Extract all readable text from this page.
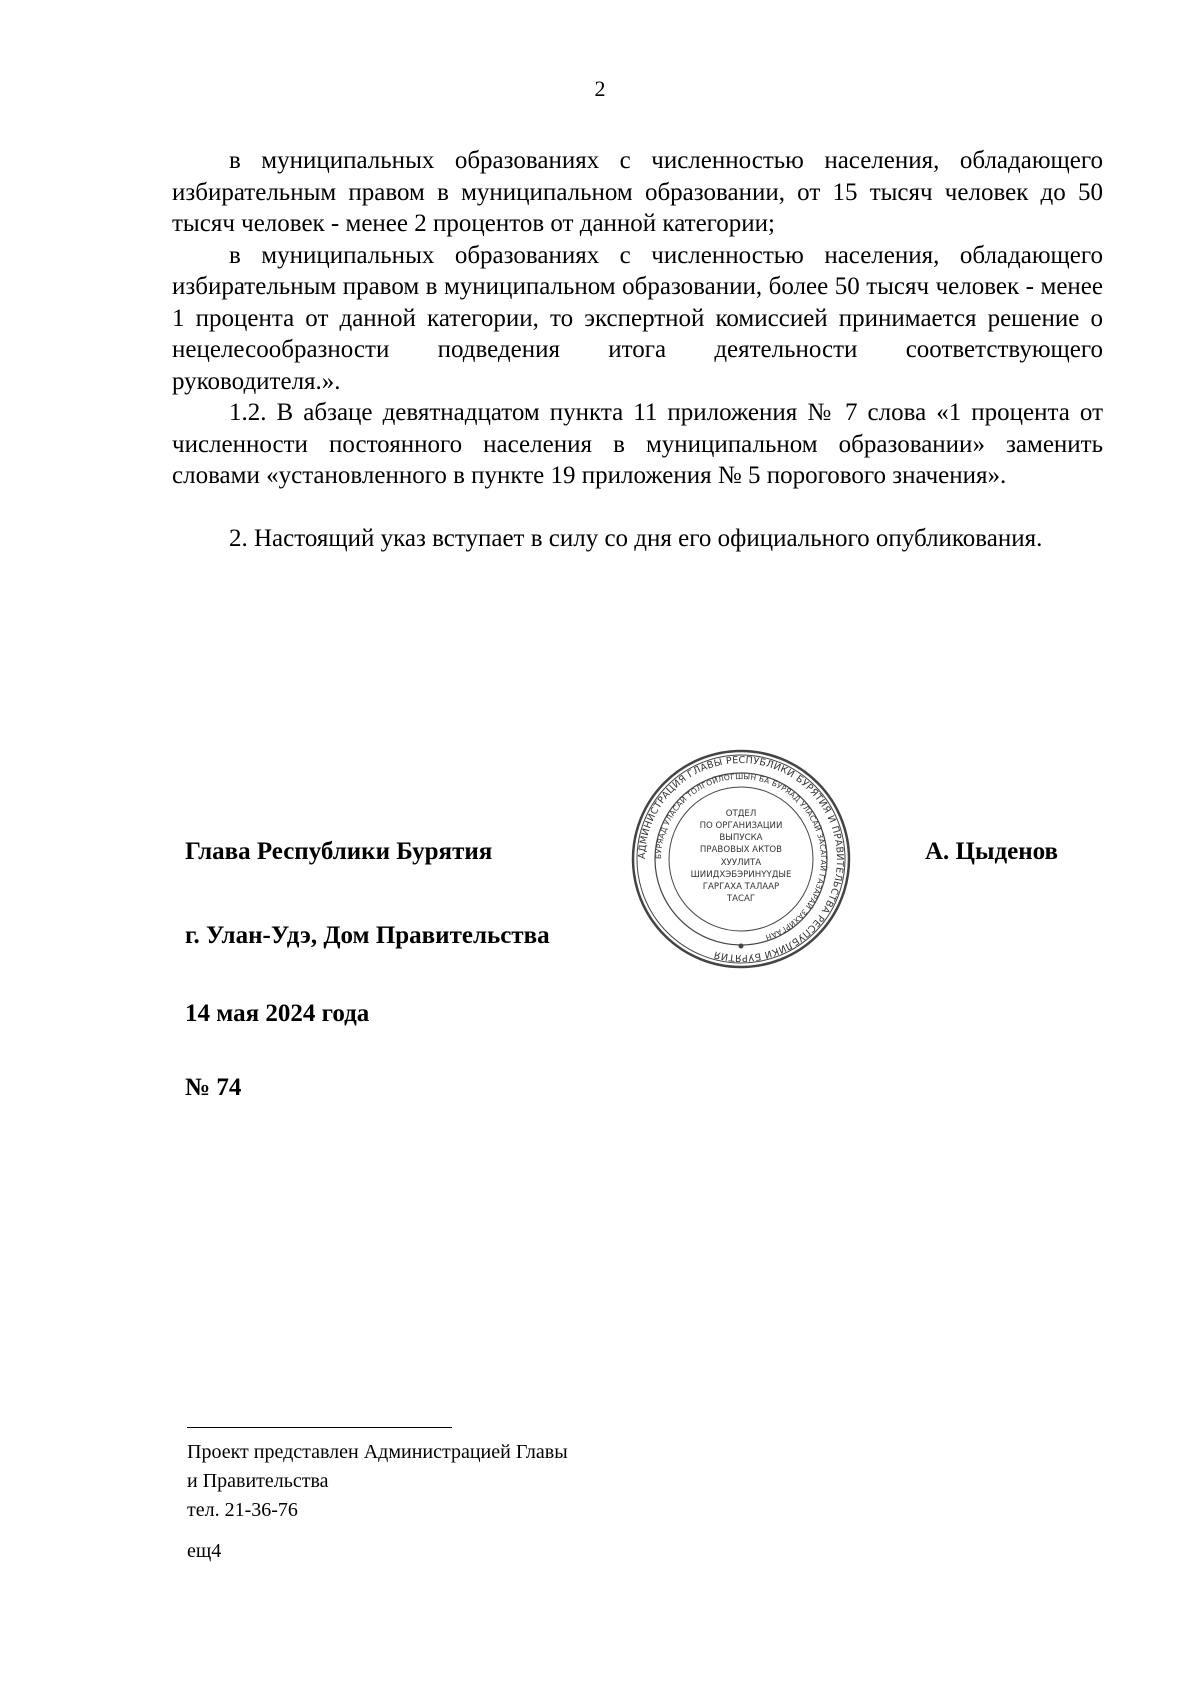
2

в муниципальных образованиях с численностью населения, обладающего избирательным правом в муниципальном образовании, от 15 тысяч человек до 50 тысяч человек - менее 2 процентов от данной категории;

в муниципальных образованиях с численностью населения, обладающего избирательным правом в муниципальном образовании, более 50 тысяч человек - менее 1 процента от данной категории, то экспертной комиссией принимается решение о нецелесообразности подведения итога деятельности соответствующего руководителя.».

1.2. В абзаце девятнадцатом пункта 11 приложения № 7 слова «1 процента от численности постоянного населения в муниципальном образовании» заменить словами «установленного в пункте 19 приложения № 5 порогового значения».

2. Настоящий указ вступает в силу со дня его официального опубликования.

Глава Республики Бурятия	А. Цыденов
АДМИНИСТРАЦИЯ ГЛАВЫ РЕСПУБЛИКИ БУРЯТИЯ И ПРАВИТЕЛЬСТВА РЕСПУБЛИКИ БУРЯТИЯ
БУРЯАД УЛАСАЙ ТОЛГОЙЛОГШЫН БА БУРЯАД УЛАСАЙ ЗАСАГАЙ ГАЗАРАЙ ЗАХИРГААН
ОТДЕЛ
ПО ОРГАНИЗАЦИИ
ВЫПУСКА
ПРАВОВЫХ АКТОВ
ХУУЛИТА
ШИИДХЭБЭРИНҮҮДЫЕ
ГАРГАХА ТАЛААР
ТАСАГ
г. Улан-Удэ, Дом Правительства
14 мая 2024 года
№ 74
Проект представлен Администрацией Главы
и Правительства
тел. 21-36-76
ещ4
